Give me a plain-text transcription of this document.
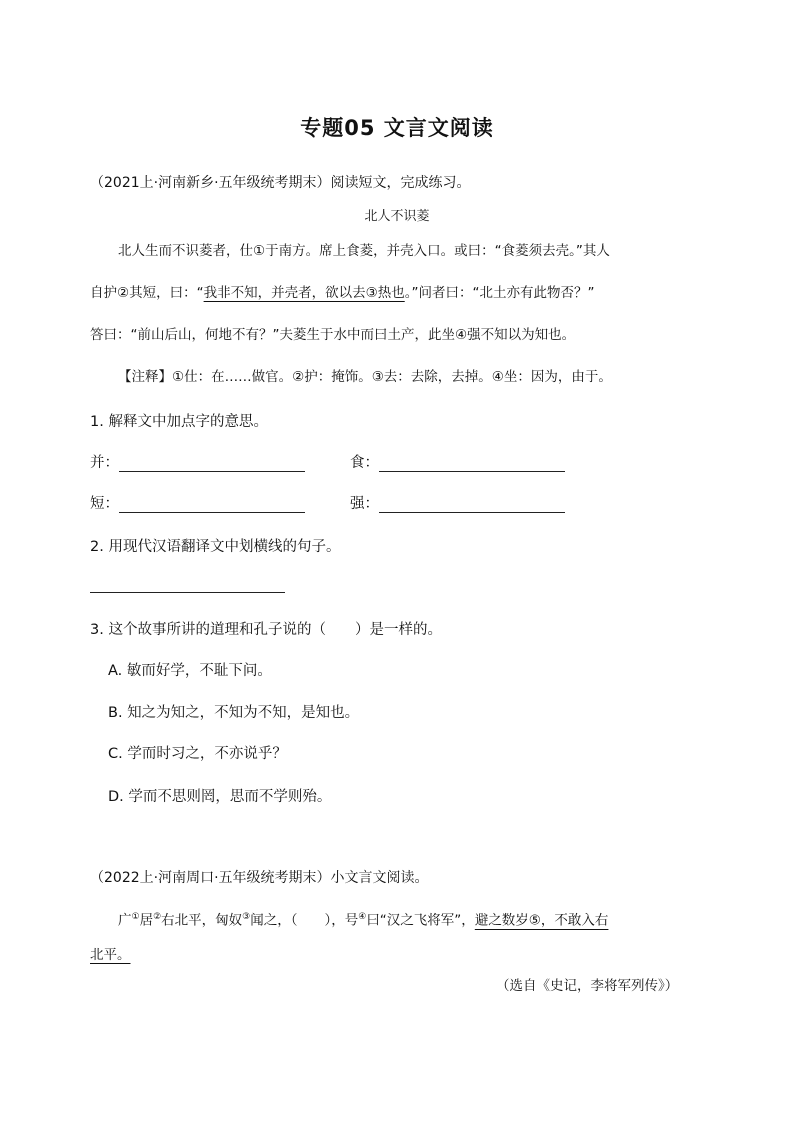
专题05 文言文阅读
（2021上·河南新乡·五年级统考期末）阅读短文，完成练习。
北人不识菱
北人生而不识菱者，仕①于南方。席上食菱，并壳入口。或曰：“食菱须去壳。”其人
自护②其短，曰：“我非不知，并壳者，欲以去③热也。”问者曰：“北土亦有此物否？”
答曰：“前山后山，何地不有？”夫菱生于水中而曰土产，此坐④强不知以为知也。
【注释】①仕：在……做官。②护：掩饰。③去：去除，去掉。④坐：因为，由于。
1. 解释文中加点字的意思。
并：	食：
短：	强：
2. 用现代汉语翻译文中划横线的句子。
3. 这个故事所讲的道理和孔子说的（　　）是一样的。
A. 敏而好学，不耻下问。
B. 知之为知之，不知为不知，是知也。
C. 学而时习之，不亦说乎？
D. 学而不思则罔，思而不学则殆。
（2022上·河南周口·五年级统考期末）小文言文阅读。
广①居②右北平，匈奴③闻之，（　　），号④曰“汉之飞将军”，避之数岁⑤，不敢入右
北平。
（选自《史记，李将军列传》）
